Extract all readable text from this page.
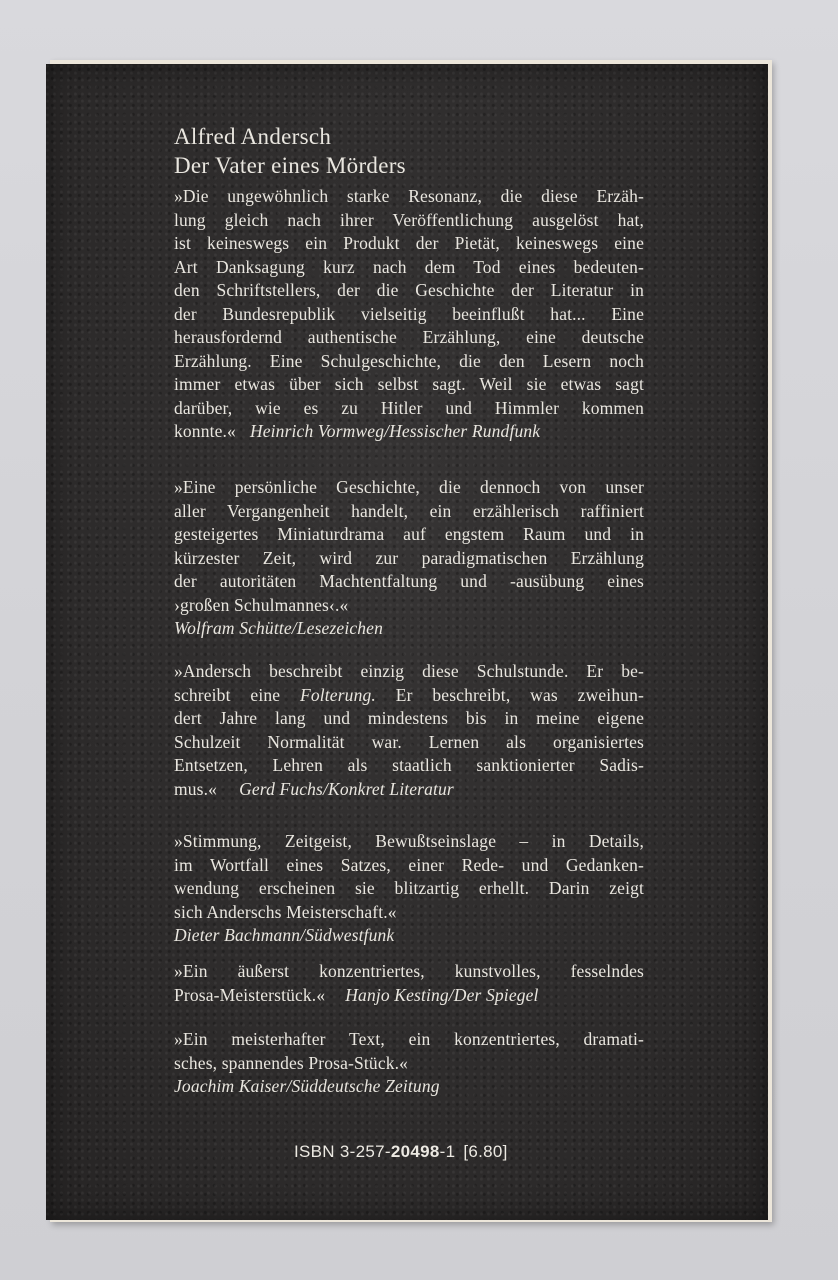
Alfred Andersch
Der Vater eines Mörders
»Die ungewöhnlich starke Resonanz, die diese Erzäh-
lung gleich nach ihrer Veröffentlichung ausgelöst hat,
ist keineswegs ein Produkt der Pietät, keineswegs eine
Art Danksagung kurz nach dem Tod eines bedeuten-
den Schriftstellers, der die Geschichte der Literatur in
der Bundesrepublik vielseitig beeinflußt hat... Eine
herausfordernd authentische Erzählung, eine deutsche
Erzählung. Eine Schulgeschichte, die den Lesern noch
immer etwas über sich selbst sagt. Weil sie etwas sagt
darüber, wie es zu Hitler und Himmler kommen
konnte.« Heinrich Vormweg/Hessischer Rundfunk
»Eine persönliche Geschichte, die dennoch von unser
aller Vergangenheit handelt, ein erzählerisch raffiniert
gesteigertes Miniaturdrama auf engstem Raum und in
kürzester Zeit, wird zur paradigmatischen Erzählung
der autoritäten Machtentfaltung und -ausübung eines
›großen Schulmannes‹.«
Wolfram Schütte/Lesezeichen
»Andersch beschreibt einzig diese Schulstunde. Er be-
schreibt eine Folterung. Er beschreibt, was zweihun-
dert Jahre lang und mindestens bis in meine eigene
Schulzeit Normalität war. Lernen als organisiertes
Entsetzen, Lehren als staatlich sanktionierter Sadis-
mus.« Gerd Fuchs/Konkret Literatur
»Stimmung, Zeitgeist, Bewußtseinslage – in Details,
im Wortfall eines Satzes, einer Rede- und Gedanken-
wendung erscheinen sie blitzartig erhellt. Darin zeigt
sich Anderschs Meisterschaft.«
Dieter Bachmann/Südwestfunk
»Ein äußerst konzentriertes, kunstvolles, fesselndes
Prosa-Meisterstück.« Hanjo Kesting/Der Spiegel
»Ein meisterhafter Text, ein konzentriertes, dramati-
sches, spannendes Prosa-Stück.«
Joachim Kaiser/Süddeutsche Zeitung
ISBN 3-257-20498-1 [6.80]
